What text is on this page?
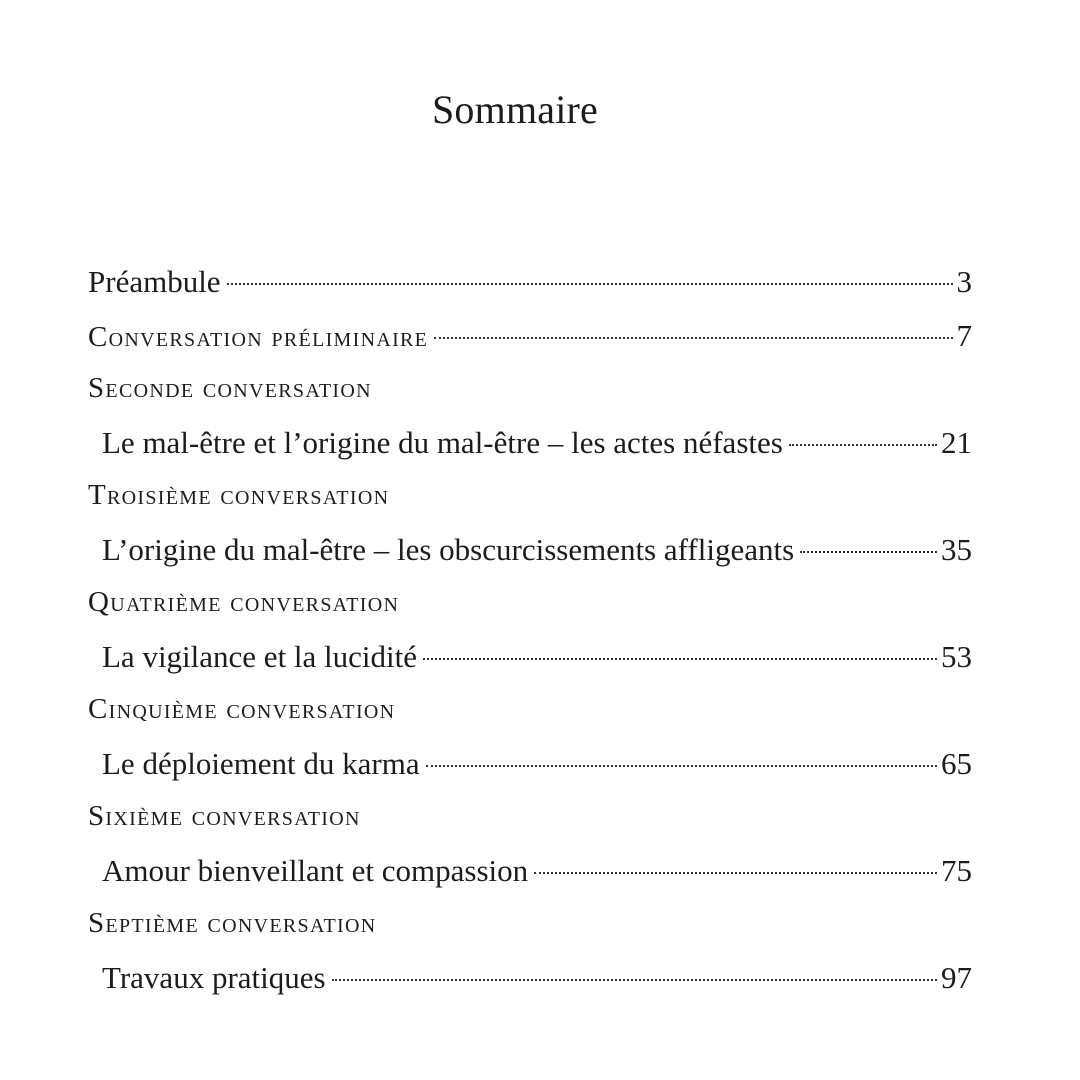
Sommaire
Préambule	3
Conversation préliminaire	7
Seconde conversation
Le mal-être et l’origine du mal-être – les actes néfastes	21
Troisième conversation
L’origine du mal-être – les obscurcissements affligeants	35
Quatrième conversation
La vigilance et la lucidité	53
Cinquième conversation
Le déploiement du karma	65
Sixième conversation
Amour bienveillant et compassion	75
Septième conversation
Travaux pratiques	97
